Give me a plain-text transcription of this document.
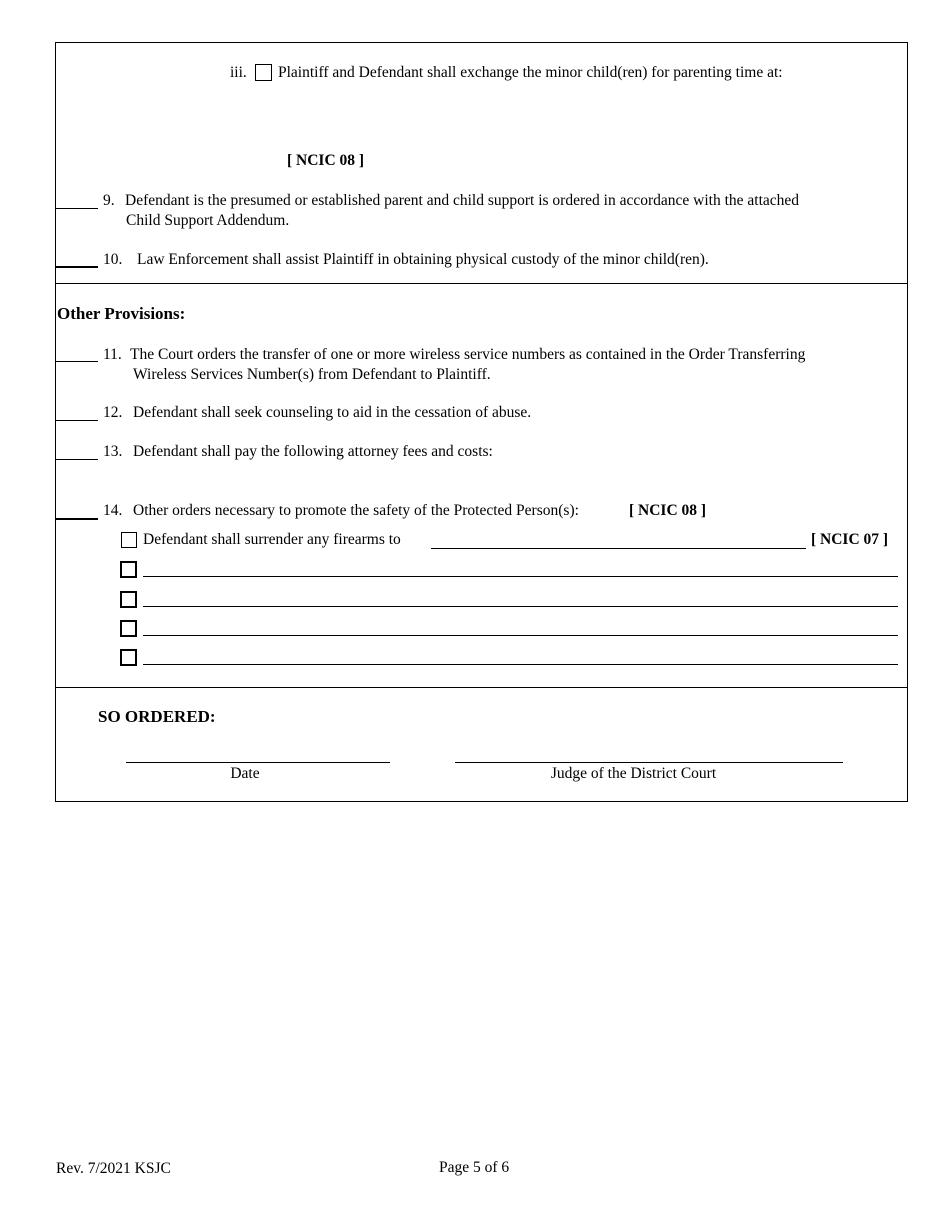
iii. Plaintiff and Defendant shall exchange the minor child(ren) for parenting time at:
[ NCIC 08 ]
9. Defendant is the presumed or established parent and child support is ordered in accordance with the attached
Child Support Addendum.
10. Law Enforcement shall assist Plaintiff in obtaining physical custody of the minor child(ren).
Other Provisions:
11. The Court orders the transfer of one or more wireless service numbers as contained in the Order Transferring
Wireless Services Number(s) from Defendant to Plaintiff.
12. Defendant shall seek counseling to aid in the cessation of abuse.
13. Defendant shall pay the following attorney fees and costs:
14. Other orders necessary to promote the safety of the Protected Person(s):	[ NCIC 08 ]
Defendant shall surrender any firearms to	[ NCIC 07 ]
SO ORDERED:
Date	Judge of the District Court
Rev. 7/2021 KSJC	Page 5 of 6
